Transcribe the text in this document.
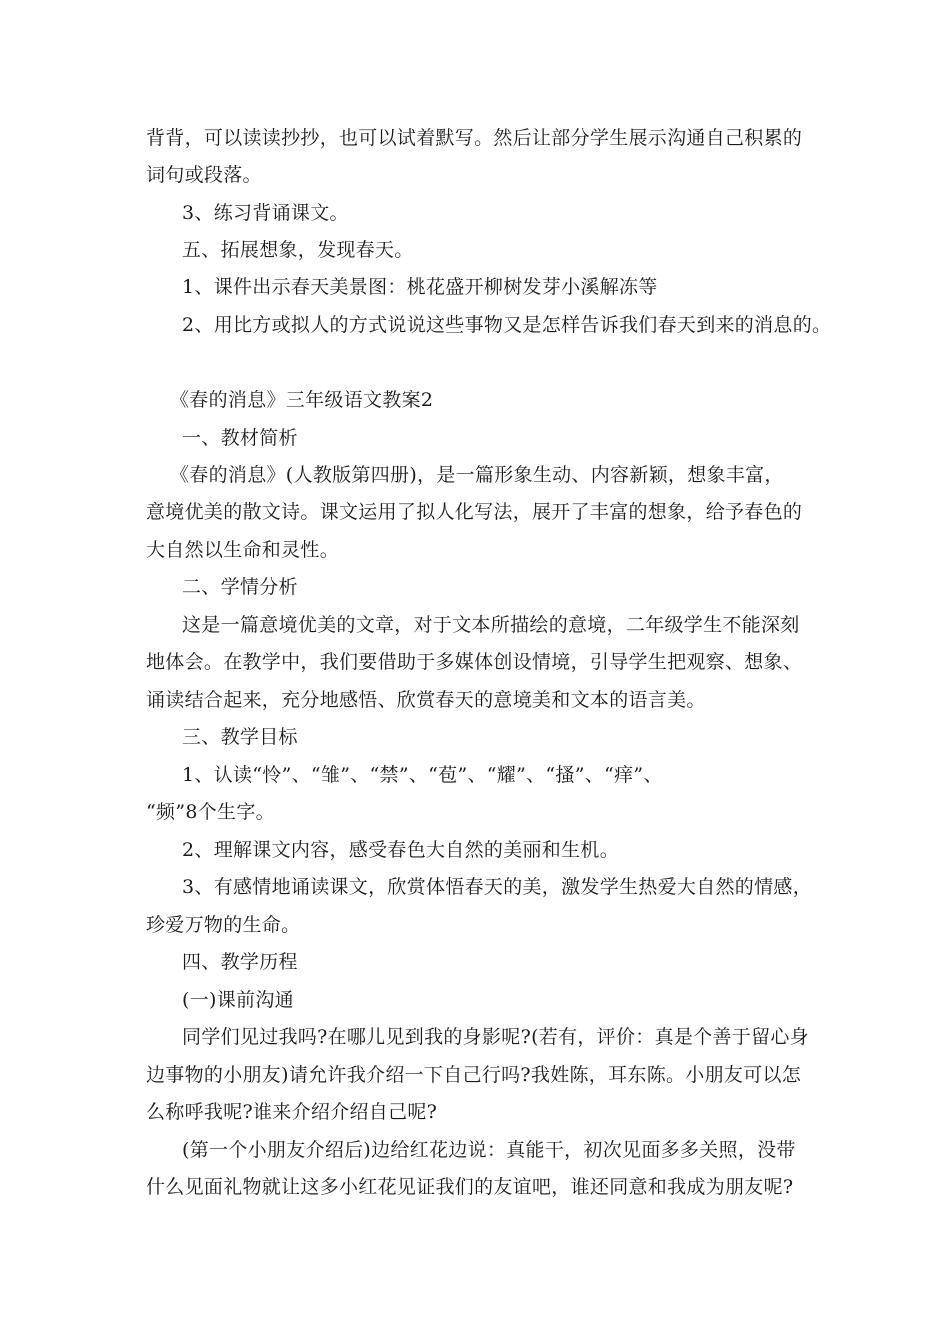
背背，可以读读抄抄，也可以试着默写。然后让部分学生展示沟通自己积累的
词句或段落。
3、练习背诵课文。
五、拓展想象，发现春天。
1、课件出示春天美景图：桃花盛开柳树发芽小溪解冻等
2、用比方或拟人的方式说说这些事物又是怎样告诉我们春天到来的消息的。
《春的消息》三年级语文教案2
一、教材简析
《春的消息》(人教版第四册)，是一篇形象生动、内容新颖，想象丰富，
意境优美的散文诗。课文运用了拟人化写法，展开了丰富的想象，给予春色的
大自然以生命和灵性。
二、学情分析
这是一篇意境优美的文章，对于文本所描绘的意境，二年级学生不能深刻
地体会。在教学中，我们要借助于多媒体创设情境，引导学生把观察、想象、
诵读结合起来，充分地感悟、欣赏春天的意境美和文本的语言美。
三、教学目标
1、认读“怜”、“雏”、“禁”、“苞”、“耀”、“搔”、“痒”、
“频”8个生字。
2、理解课文内容，感受春色大自然的美丽和生机。
3、有感情地诵读课文，欣赏体悟春天的美，激发学生热爱大自然的情感，
珍爱万物的生命。
四、教学历程
(一)课前沟通
同学们见过我吗?在哪儿见到我的身影呢?(若有，评价：真是个善于留心身
边事物的小朋友)请允许我介绍一下自己行吗?我姓陈，耳东陈。小朋友可以怎
么称呼我呢?谁来介绍介绍自己呢?
(第一个小朋友介绍后)边给红花边说：真能干，初次见面多多关照，没带
什么见面礼物就让这多小红花见证我们的友谊吧，谁还同意和我成为朋友呢?
